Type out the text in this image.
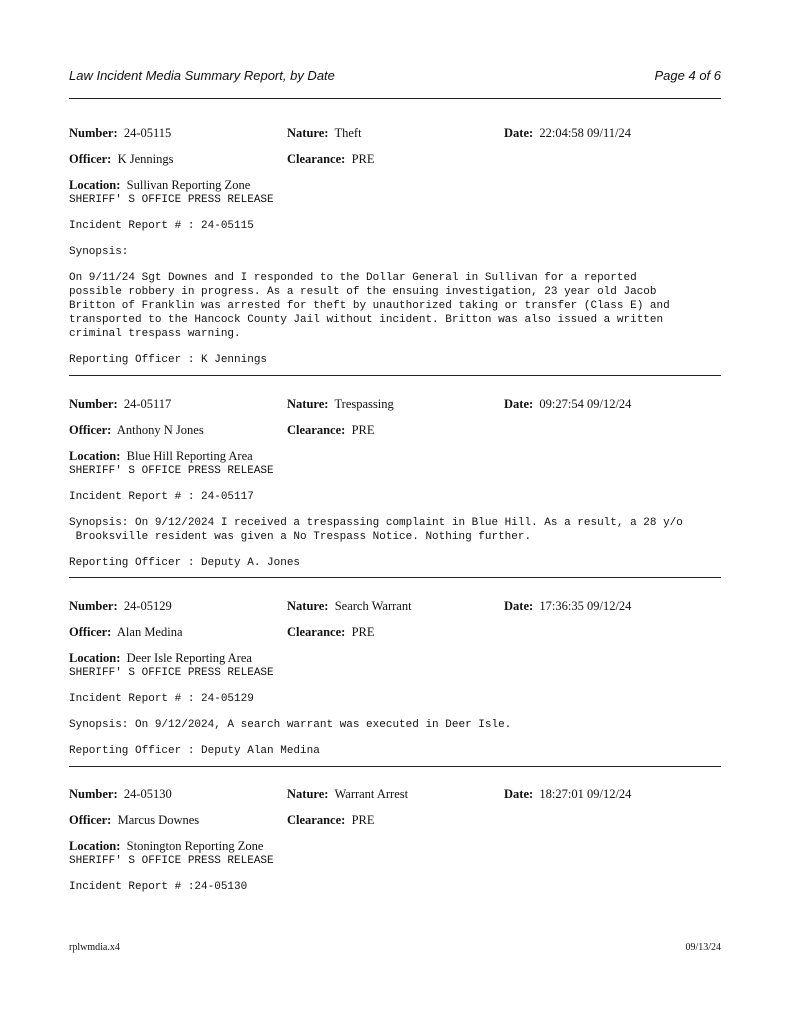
Law Incident Media Summary Report, by Date	Page 4 of 6
Number: 24-05115	Nature: Theft	Date: 22:04:58 09/11/24
Officer: K Jennings	Clearance: PRE
Location: Sullivan Reporting Zone
SHERIFF' S OFFICE PRESS RELEASE
Incident Report # : 24-05115
Synopsis:
On 9/11/24 Sgt Downes and I responded to the Dollar General in Sullivan for a reported
possible robbery in progress. As a result of the ensuing investigation, 23 year old Jacob
Britton of Franklin was arrested for theft by unauthorized taking or transfer (Class E) and
transported to the Hancock County Jail without incident. Britton was also issued a written
criminal trespass warning.
Reporting Officer : K Jennings
Number: 24-05117	Nature: Trespassing	Date: 09:27:54 09/12/24
Officer: Anthony N Jones	Clearance: PRE
Location: Blue Hill Reporting Area
SHERIFF' S OFFICE PRESS RELEASE
Incident Report # : 24-05117
Synopsis: On 9/12/2024 I received a trespassing complaint in Blue Hill. As a result, a 28 y/o
Brooksville resident was given a No Trespass Notice. Nothing further.
Reporting Officer : Deputy A. Jones
Number: 24-05129	Nature: Search Warrant	Date: 17:36:35 09/12/24
Officer: Alan Medina	Clearance: PRE
Location: Deer Isle Reporting Area
SHERIFF' S OFFICE PRESS RELEASE
Incident Report # : 24-05129
Synopsis: On 9/12/2024, A search warrant was executed in Deer Isle.
Reporting Officer : Deputy Alan Medina
Number: 24-05130	Nature: Warrant Arrest	Date: 18:27:01 09/12/24
Officer: Marcus Downes	Clearance: PRE
Location: Stonington Reporting Zone
SHERIFF' S OFFICE PRESS RELEASE
Incident Report # :24-05130
rplwmdia.x4	09/13/24
